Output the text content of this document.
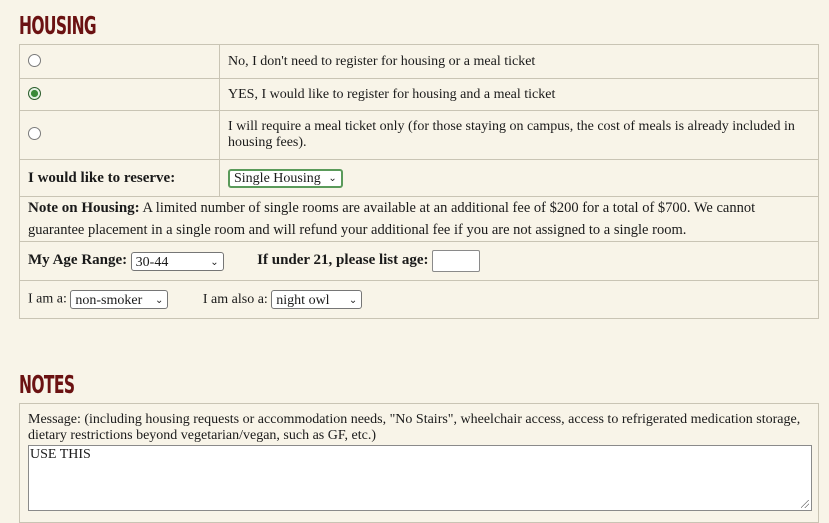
HOUSING
	No, I don't need to register for housing or a meal ticket
	YES, I would like to register for housing and a meal ticket
	I will require a meal ticket only (for those staying on campus, the cost of meals is already included in housing fees).
I would like to reserve:	Single Housing ⌄

Note on Housing: A limited number of single rooms are available at an additional fee of $200 for a total of $700. We cannot guarantee placement in a single room and will refund your additional fee if you are not assigned to a single room.	
My Age Range: 30-44 ⌄ If under 21, please list age:	
I am a: non-smoker ⌄ I am also a: night owl ⌄	
NOTES
Message: (including housing requests or accommodation needs, "No Stairs", wheelchair access, access to refrigerated medication storage, dietary restrictions beyond vegetarian/vegan, such as GF, etc.)
USE THIS
